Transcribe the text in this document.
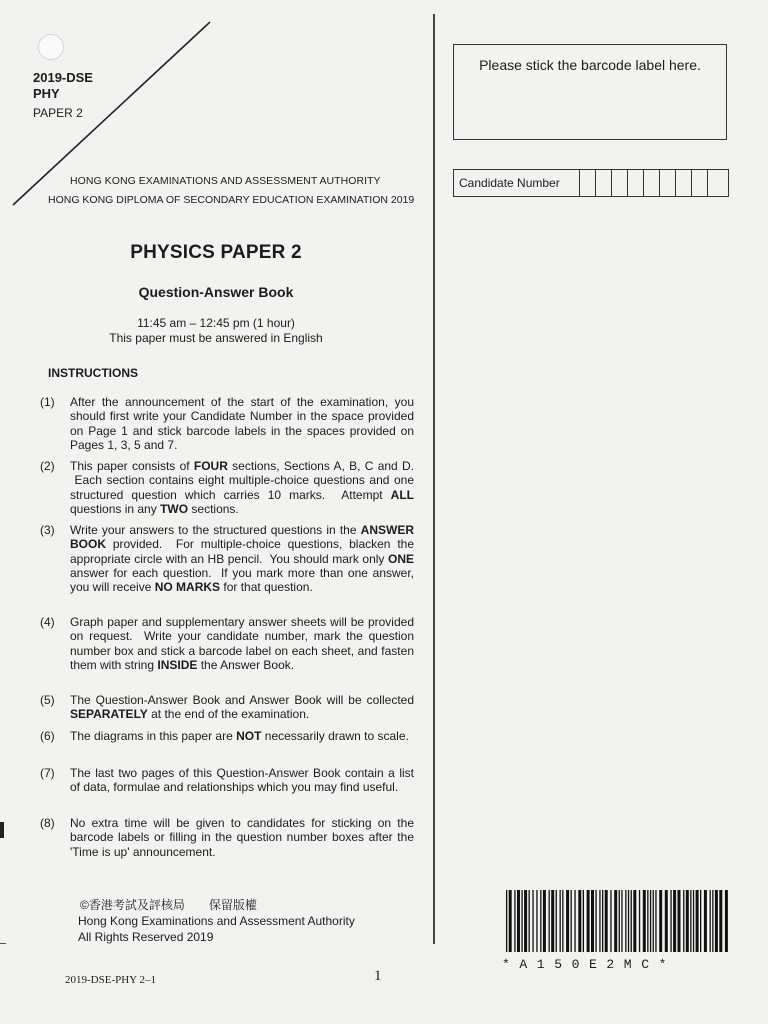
2019-DSE
PHY
PAPER 2
HONG KONG EXAMINATIONS AND ASSESSMENT AUTHORITY
HONG KONG DIPLOMA OF SECONDARY EDUCATION EXAMINATION 2019
PHYSICS PAPER 2
Question-Answer Book
11:45 am – 12:45 pm (1 hour)
This paper must be answered in English
INSTRUCTIONS
(1) After the announcement of the start of the examination, you should first write your Candidate Number in the space provided on Page 1 and stick barcode labels in the spaces provided on Pages 1, 3, 5 and 7.
(2) This paper consists of FOUR sections, Sections A, B, C and D.  Each section contains eight multiple-choice questions and one structured question which carries 10 marks.  Attempt ALL questions in any TWO sections.
(3) Write your answers to the structured questions in the ANSWER BOOK provided.  For multiple-choice questions, blacken the appropriate circle with an HB pencil.  You should mark only ONE answer for each question.  If you mark more than one answer, you will receive NO MARKS for that question.
(4) Graph paper and supplementary answer sheets will be provided on request.  Write your candidate number, mark the question number box and stick a barcode label on each sheet, and fasten them with string INSIDE the Answer Book.
(5) The Question-Answer Book and Answer Book will be collected SEPARATELY at the end of the examination.
(6) The diagrams in this paper are NOT necessarily drawn to scale.
(7) The last two pages of this Question-Answer Book contain a list of data, formulae and relationships which you may find useful.
(8) No extra time will be given to candidates for sticking on the barcode labels or filling in the question number boxes after the 'Time is up' announcement.
Please stick the barcode label here.
Candidate Number
©香港考試及評核局　　保留版權
Hong Kong Examinations and Assessment Authority
All Rights Reserved 2019
2019-DSE-PHY 2–1	1
*A150E2MC*
